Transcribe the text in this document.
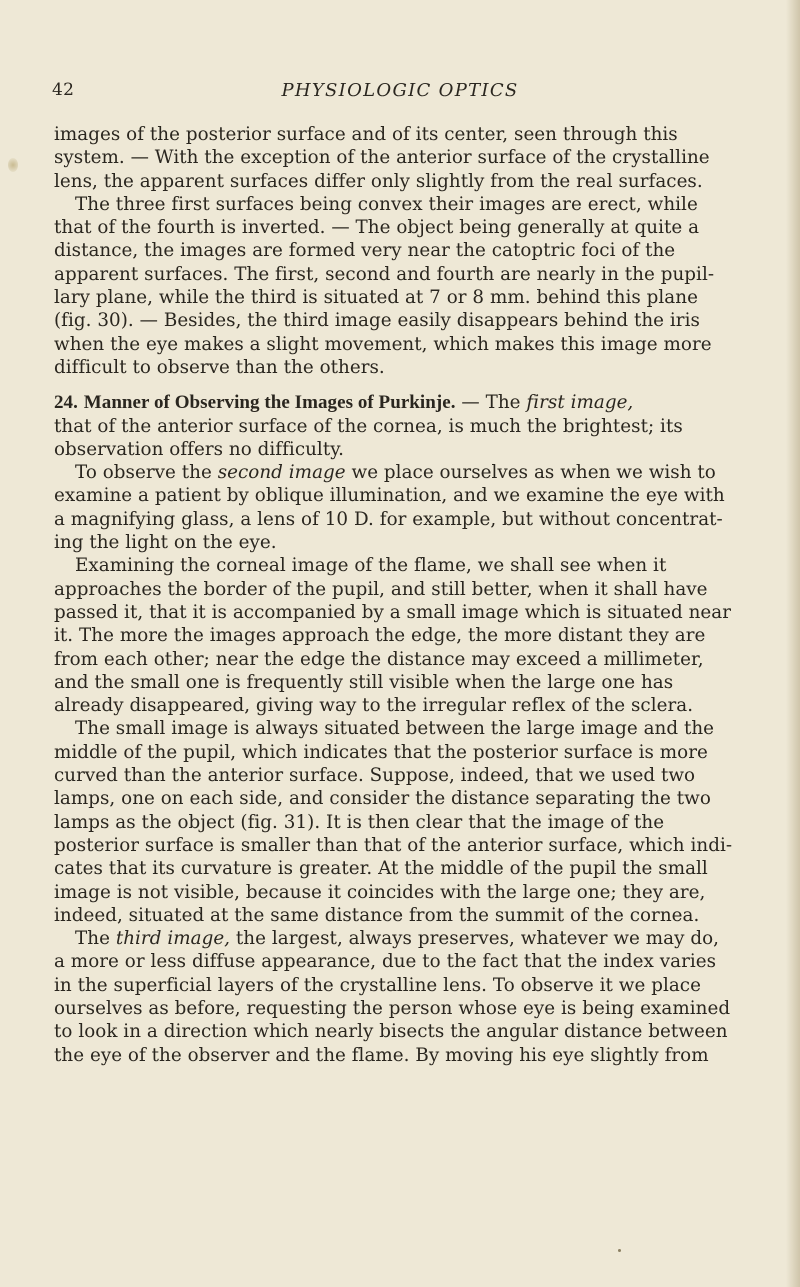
42	PHYSIOLOGIC OPTICS
images of the posterior surface and of its center, seen through this
system. — With the exception of the anterior surface of the crystalline
lens, the apparent surfaces differ only slightly from the real surfaces.
The three first surfaces being convex their images are erect, while
that of the fourth is inverted. — The object being generally at quite a
distance, the images are formed very near the catoptric foci of the
apparent surfaces. The first, second and fourth are nearly in the pupil-
lary plane, while the third is situated at 7 or 8 mm. behind this plane
(fig. 30). — Besides, the third image easily disappears behind the iris
when the eye makes a slight movement, which makes this image more
difficult to observe than the others.
24. Manner of Observing the Images of Purkinje. — The first image,
that of the anterior surface of the cornea, is much the brightest; its
observation offers no difficulty.
To observe the second image we place ourselves as when we wish to
examine a patient by oblique illumination, and we examine the eye with
a magnifying glass, a lens of 10 D. for example, but without concentrat-
ing the light on the eye.
Examining the corneal image of the flame, we shall see when it
approaches the border of the pupil, and still better, when it shall have
passed it, that it is accompanied by a small image which is situated near
it. The more the images approach the edge, the more distant they are
from each other; near the edge the distance may exceed a millimeter,
and the small one is frequently still visible when the large one has
already disappeared, giving way to the irregular reflex of the sclera.
The small image is always situated between the large image and the
middle of the pupil, which indicates that the posterior surface is more
curved than the anterior surface. Suppose, indeed, that we used two
lamps, one on each side, and consider the distance separating the two
lamps as the object (fig. 31). It is then clear that the image of the
posterior surface is smaller than that of the anterior surface, which indi-
cates that its curvature is greater. At the middle of the pupil the small
image is not visible, because it coincides with the large one; they are,
indeed, situated at the same distance from the summit of the cornea.
The third image, the largest, always preserves, whatever we may do,
a more or less diffuse appearance, due to the fact that the index varies
in the superficial layers of the crystalline lens. To observe it we place
ourselves as before, requesting the person whose eye is being examined
to look in a direction which nearly bisects the angular distance between
the eye of the observer and the flame. By moving his eye slightly from
